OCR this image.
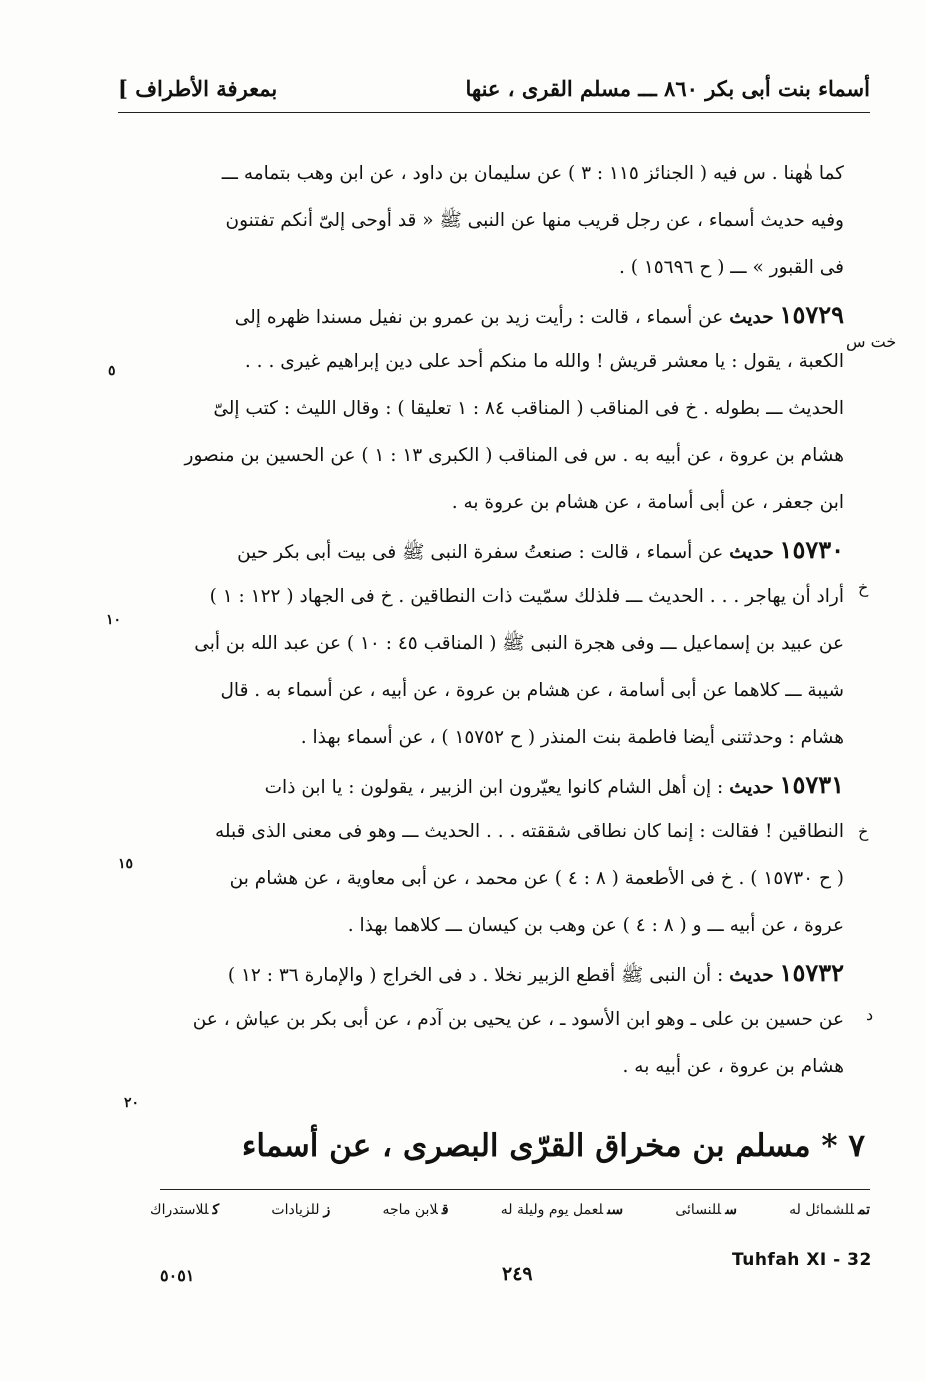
أسماء بنت أبى بكر ٨٦٠ ـــ مسلم القرى ، عنها
بمعرفة الأطراف ]
كما هٰهنا . س فيه ( الجنائز ١١٥ : ٣ ) عن سليمان بن داود ، عن ابن وهب بتمامه ـــ
وفيه حديث أسماء ، عن رجل قريب منها عن النبى ﷺ « قد أوحى إلىّ أنكم تفتنون
فى القبور » ـــ ( ح ١٥٦٩٦ ) .
١٥٧٢٩ حديث عن أسماء ، قالت : رأيت زيد بن عمرو بن نفيل مسندا ظهره إلى
الكعبة ، يقول : يا معشر قريش ! والله ما منكم أحد على دين إبراهيم غيرى . . .
الحديث ـــ بطوله . خ فى المناقب ( المناقب ٨٤ : ١ تعليقا ) : وقال الليث : كتب إلىّ
هشام بن عروة ، عن أبيه به . س فى المناقب ( الكبرى ١٣ : ١ ) عن الحسين بن منصور
ابن جعفر ، عن أبى أسامة ، عن هشام بن عروة به .
١٥٧٣٠ حديث عن أسماء ، قالت : صنعتُ سفرة النبى ﷺ فى بيت أبى بكر حين
أراد أن يهاجر . . . الحديث ـــ فلذلك سمّيت ذات النطاقين . خ فى الجهاد ( ١٢٢ : ١ )
عن عبيد بن إسماعيل ـــ وفى هجرة النبى ﷺ ( المناقب ٤٥ : ١٠ ) عن عبد الله بن أبى
شيبة ـــ كلاهما عن أبى أسامة ، عن هشام بن عروة ، عن أبيه ، عن أسماء به . قال
هشام : وحدثتنى أيضا فاطمة بنت المنذر ( ح ١٥٧٥٢ ) ، عن أسماء بهذا .
١٥٧٣١ حديث : إن أهل الشام كانوا يعيّرون ابن الزبير ، يقولون : يا ابن ذات
النطاقين ! فقالت : إنما كان نطاقى شققته . . . الحديث ـــ وهو فى معنى الذى قبله
( ح ١٥٧٣٠ ) . خ فى الأطعمة ( ٨ : ٤ ) عن محمد ، عن أبى معاوية ، عن هشام بن
عروة ، عن أبيه ـــ و ( ٨ : ٤ ) عن وهب بن كيسان ـــ كلاهما بهذا .
١٥٧٣٢ حديث : أن النبى ﷺ أقطع الزبير نخلا . د فى الخراج ( والإمارة ٣٦ : ١٢ )
عن حسين بن على ـ وهو ابن الأسود ـ ، عن يحيى بن آدم ، عن أبى بكر بن عياش ، عن
هشام بن عروة ، عن أبيه به .
خت س
خ
خ
د
٥
١٠
١٥
٢٠
٧ * مسلم بن مخراق القرّى البصرى ، عن أسماء
تمللشمائل له
سللنسائى
سىلعمل يوم وليلة له
قلابن ماجه
زللزيادات
كللاستدراك
Tuhfah XI - 32
٢٤٩
٥٠٥١
